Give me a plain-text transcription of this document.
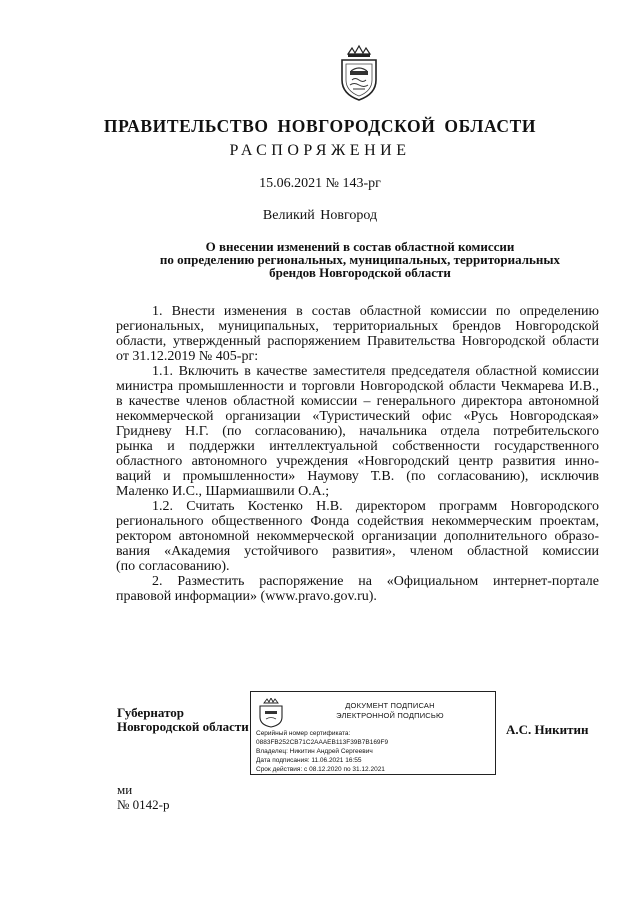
ПРАВИТЕЛЬСТВО НОВГОРОДСКОЙ ОБЛАСТИ
РАСПОРЯЖЕНИЕ
15.06.2021 № 143-рг
Великий Новгород
О внесении изменений в состав областной комиссии
по определению региональных, муниципальных, территориальных
брендов Новгородской области
1. Внести изменения в состав областной комиссии по определению
региональных, муниципальных, территориальных брендов Новгородской
области, утвержденный распоряжением Правительства Новгородской области
от 31.12.2019 № 405-рг:
1.1. Включить в качестве заместителя председателя областной комиссии
министра промышленности и торговли Новгородской области Чекмарева И.В.,
в качестве членов областной комиссии – генерального директора автономной
некоммерческой организации «Туристический офис «Русь Новгородская»
Гридневу Н.Г. (по согласованию), начальника отдела потребительского
рынка и поддержки интеллектуальной собственности государственного
областного автономного учреждения «Новгородский центр развития инно-
ваций и промышленности» Наумову Т.В. (по согласованию), исключив
Маленко И.С., Шармиашвили О.А.;
1.2. Считать Костенко Н.В. директором программ Новгородского
регионального общественного Фонда содействия некоммерческим проектам,
ректором автономной некоммерческой организации дополнительного образо-
вания «Академия устойчивого развития», членом областной комиссии
(по согласованию).
2. Разместить распоряжение на «Официальном интернет-портале
правовой информации» (www.pravo.gov.ru).
Губернатор
Новгородской области
ДОКУМЕНТ ПОДПИСАН
ЭЛЕКТРОННОЙ ПОДПИСЬЮ
Серийный номер сертификата:
0883FB252CB71C2AAAEB113F39B7B169F9
Владелец: Никитин Андрей Сергеевич
Дата подписания: 11.06.2021 16:55
Срок действия: с 08.12.2020 по 31.12.2021
А.С. Никитин
ми
№ 0142-р
